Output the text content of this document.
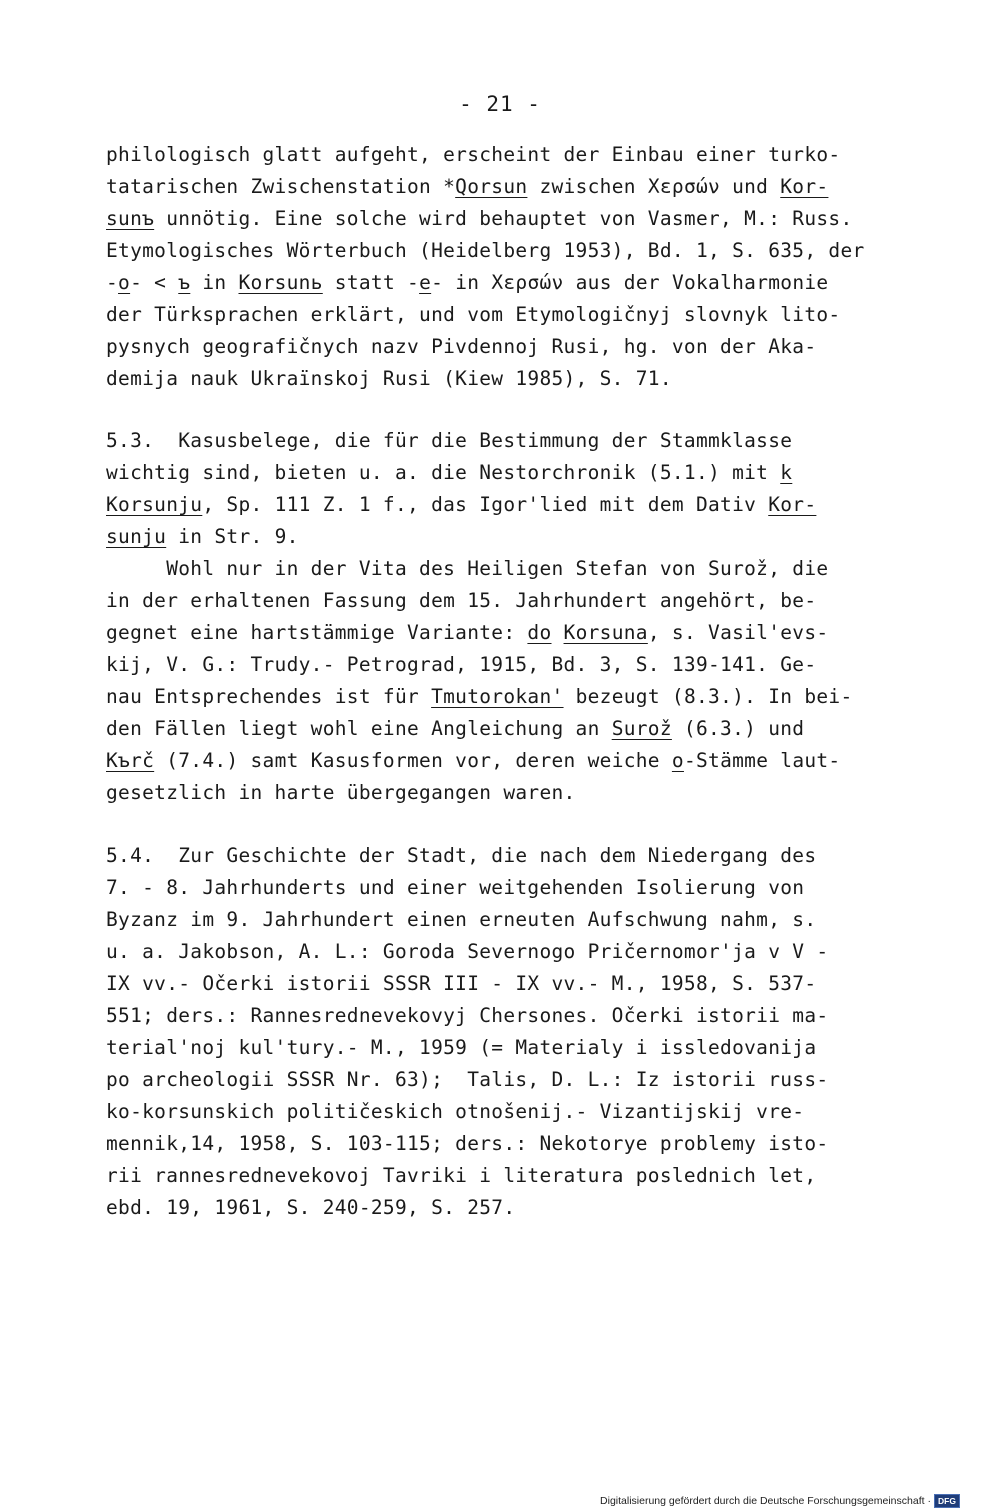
- 21 -
philologisch glatt aufgeht, erscheint der Einbau einer turko-
tatarischen Zwischenstation *Qorsun zwischen Χερσών und Kor-
sunъ unnötig. Eine solche wird behauptet von Vasmer, M.: Russ.
Etymologisches Wörterbuch (Heidelberg 1953), Bd. 1, S. 635, der
-o- < ъ in Korsunь statt -e- in Χερσών aus der Vokalharmonie
der Türksprachen erklärt, und vom Etymologičnyj slovnyk lito-
pysnych geografičnych nazv Pivdennoj Rusi, hg. von der Aka-
demija nauk Ukraïnskoj Rusi (Kiew 1985), S. 71.
5.3.  Kasusbelege, die für die Bestimmung der Stammklasse
wichtig sind, bieten u. a. die Nestorchronik (5.1.) mit k
Korsunju, Sp. 111 Z. 1 f., das Igor'lied mit dem Dativ Kor-
sunju in Str. 9.
Wohl nur in der Vita des Heiligen Stefan von Surož, die
in der erhaltenen Fassung dem 15. Jahrhundert angehört, be-
gegnet eine hartstämmige Variante: do Korsuna, s. Vasil'evs-
kij, V. G.: Trudy.- Petrograd, 1915, Bd. 3, S. 139-141. Ge-
nau Entsprechendes ist für Tmutorokan' bezeugt (8.3.). In bei-
den Fällen liegt wohl eine Angleichung an Surož (6.3.) und
Kъrč (7.4.) samt Kasusformen vor, deren weiche o-Stämme laut-
gesetzlich in harte übergegangen waren.
5.4.  Zur Geschichte der Stadt, die nach dem Niedergang des
7. - 8. Jahrhunderts und einer weitgehenden Isolierung von
Byzanz im 9. Jahrhundert einen erneuten Aufschwung nahm, s.
u. a. Jakobson, A. L.: Goroda Severnogo Pričernomor'ja v V -
IX vv.- Očerki istorii SSSR III - IX vv.- M., 1958, S. 537-
551; ders.: Rannesrednevekovyj Chersones. Očerki istorii ma-
terial'noj kul'tury.- M., 1959 (= Materialy i issledovanija
po archeologii SSSR Nr. 63);  Talis, D. L.: Iz istorii russ-
ko-korsunskich političeskich otnošenij.- Vizantijskij vre-
mennik,14, 1958, S. 103-115; ders.: Nekotorye problemy isto-
rii rannesrednevekovoj Tavriki i literatura poslednich let,
ebd. 19, 1961, S. 240-259, S. 257.
Digitalisierung gefördert durch die Deutsche Forschungsgemeinschaft · DFG
